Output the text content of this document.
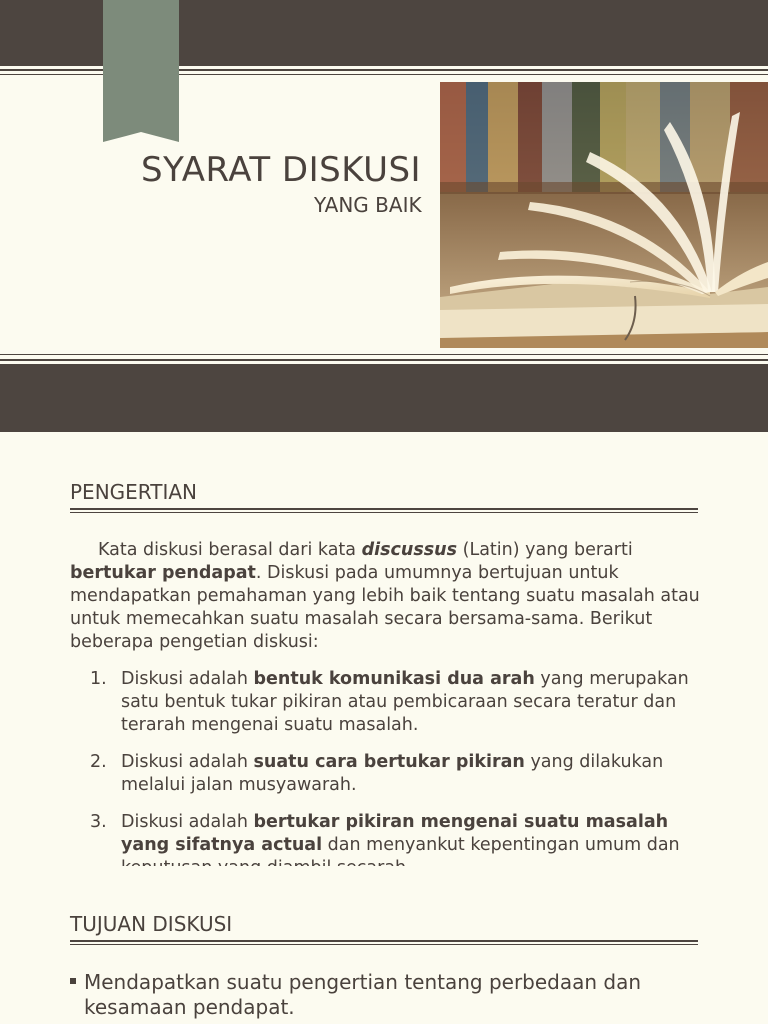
SYARAT DISKUSI
YANG BAIK
PENGERTIAN
Kata diskusi berasal dari kata discussus (Latin) yang berarti bertukar pendapat. Diskusi pada umumnya bertujuan untuk mendapatkan pemahaman yang lebih baik tentang suatu masalah atau untuk memecahkan suatu masalah secara bersama-sama. Berikut beberapa pengetian diskusi:
1. Diskusi adalah bentuk komunikasi dua arah yang merupakan satu bentuk tukar pikiran atau pembicaraan secara teratur dan terarah mengenai suatu masalah.
2. Diskusi adalah suatu cara bertukar pikiran yang dilakukan melalui jalan musyawarah.
3. Diskusi adalah bertukar pikiran mengenai suatu masalah yang sifatnya actual dan menyankut kepentingan umum dan
TUJUAN DISKUSI
Mendapatkan suatu pengertian tentang perbedaan dan kesamaan pendapat.
